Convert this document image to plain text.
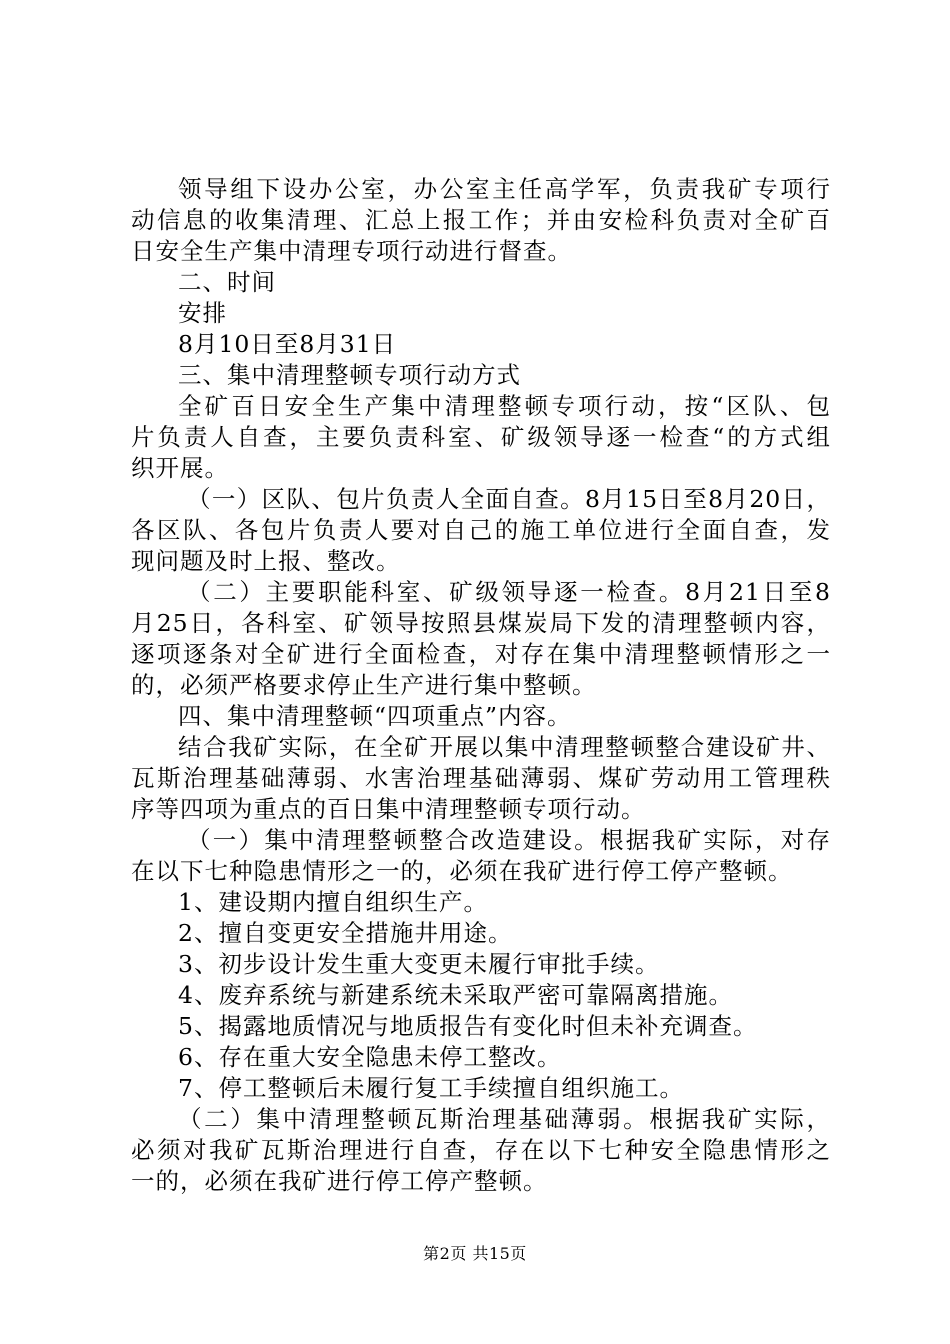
领导组下设办公室，办公室主任高学军，负责我矿专项行
动信息的收集清理、汇总上报工作；并由安检科负责对全矿百
日安全生产集中清理专项行动进行督查。
二、时间
安排
8月10日至8月31日
三、集中清理整顿专项行动方式
全矿百日安全生产集中清理整顿专项行动，按“区队、包
片负责人自查，主要负责科室、矿级领导逐一检查“的方式组
织开展。
（一）区队、包片负责人全面自查。8月15日至8月20日，
各区队、各包片负责人要对自己的施工单位进行全面自查，发
现问题及时上报、整改。
（二）主要职能科室、矿级领导逐一检查。8月21日至8
月25日，各科室、矿领导按照县煤炭局下发的清理整顿内容，
逐项逐条对全矿进行全面检查，对存在集中清理整顿情形之一
的，必须严格要求停止生产进行集中整顿。
四、集中清理整顿“四项重点”内容。
结合我矿实际，在全矿开展以集中清理整顿整合建设矿井、
瓦斯治理基础薄弱、水害治理基础薄弱、煤矿劳动用工管理秩
序等四项为重点的百日集中清理整顿专项行动。
（一）集中清理整顿整合改造建设。根据我矿实际，对存
在以下七种隐患情形之一的，必须在我矿进行停工停产整顿。
1、建设期内擅自组织生产。
2、擅自变更安全措施井用途。
3、初步设计发生重大变更未履行审批手续。
4、废弃系统与新建系统未采取严密可靠隔离措施。
5、揭露地质情况与地质报告有变化时但未补充调查。
6、存在重大安全隐患未停工整改。
7、停工整顿后未履行复工手续擅自组织施工。
（二）集中清理整顿瓦斯治理基础薄弱。根据我矿实际，
必须对我矿瓦斯治理进行自查，存在以下七种安全隐患情形之
一的，必须在我矿进行停工停产整顿。
第2页 共15页
